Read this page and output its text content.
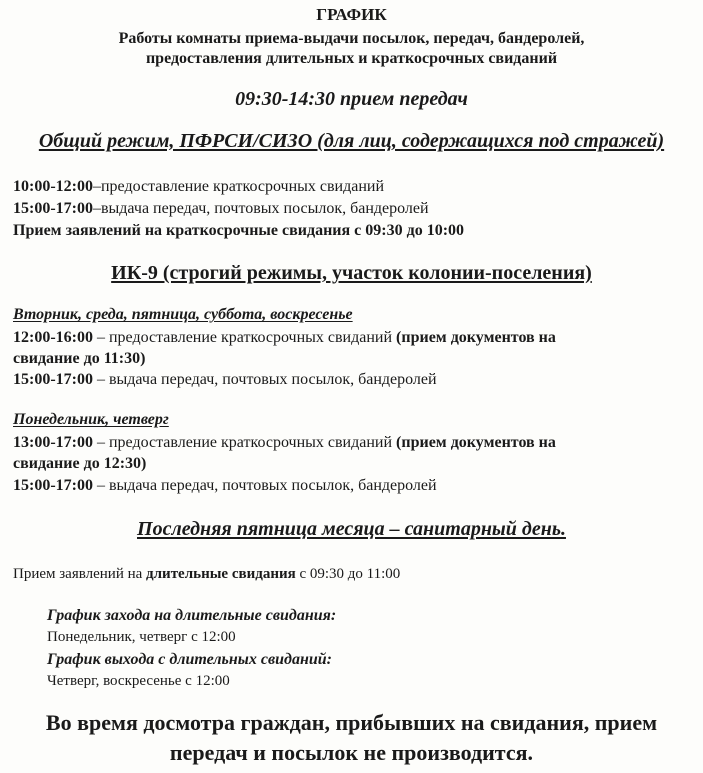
ГРАФИК
Работы комнаты приема-выдачи посылок, передач, бандеролей,
предоставления длительных и краткосрочных свиданий
09:30-14:30 прием передач
Общий режим, ПФРСИ/СИЗО (для лиц, содержащихся под стражей)
10:00-12:00–предоставление краткосрочных свиданий
15:00-17:00–выдача передач, почтовых посылок, бандеролей
Прием заявлений на краткосрочные свидания с 09:30 до 10:00
ИК-9 (строгий режимы, участок колонии-поселения)
Вторник, среда, пятница, суббота, воскресенье
12:00-16:00 – предоставление краткосрочных свиданий (прием документов на
свидание до 11:30)
15:00-17:00 – выдача передач, почтовых посылок, бандеролей
Понедельник, четверг
13:00-17:00 – предоставление краткосрочных свиданий (прием документов на
свидание до 12:30)
15:00-17:00 – выдача передач, почтовых посылок, бандеролей
Последняя пятница месяца – санитарный день.
Прием заявлений на длительные свидания с 09:30 до 11:00
График захода на длительные свидания:
Понедельник, четверг с 12:00
График выхода с длительных свиданий:
Четверг, воскресенье с 12:00
Во время досмотра граждан, прибывших на свидания, прием
передач и посылок не производится.
